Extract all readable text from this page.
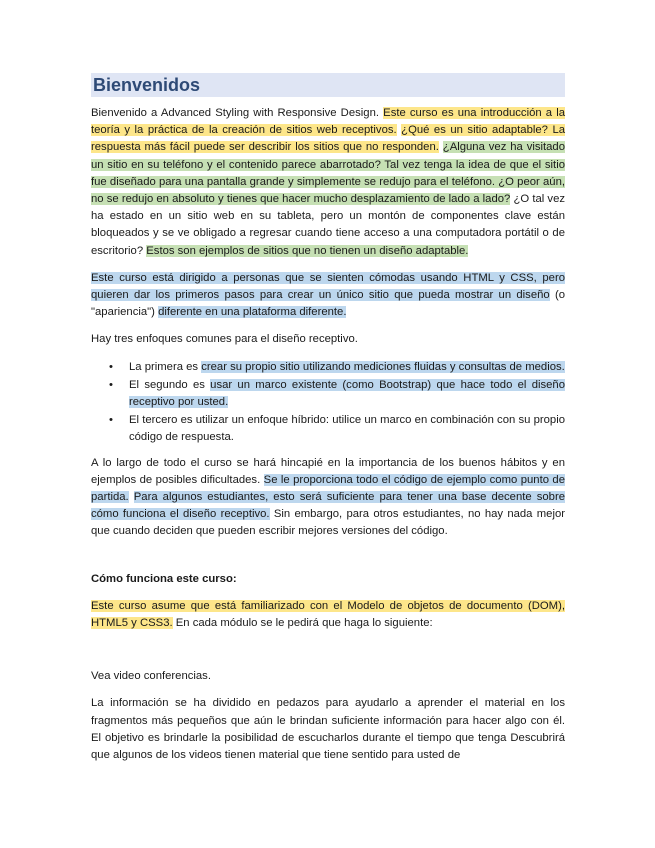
Bienvenidos

Bienvenido a Advanced Styling with Responsive Design. Este curso es una introducción a la teoría y la práctica de la creación de sitios web receptivos. ¿Qué es un sitio adaptable? La respuesta más fácil puede ser describir los sitios que no responden. ¿Alguna vez ha visitado un sitio en su teléfono y el contenido parece abarrotado? Tal vez tenga la idea de que el sitio fue diseñado para una pantalla grande y simplemente se redujo para el teléfono. ¿O peor aún, no se redujo en absoluto y tienes que hacer mucho desplazamiento de lado a lado? ¿O tal vez ha estado en un sitio web en su tableta, pero un montón de componentes clave están bloqueados y se ve obligado a regresar cuando tiene acceso a una computadora portátil o de escritorio? Estos son ejemplos de sitios que no tienen un diseño adaptable.

Este curso está dirigido a personas que se sienten cómodas usando HTML y CSS, pero quieren dar los primeros pasos para crear un único sitio que pueda mostrar un diseño (o "apariencia") diferente en una plataforma diferente.

Hay tres enfoques comunes para el diseño receptivo.

• La primera es crear su propio sitio utilizando mediciones fluidas y consultas de medios.
• El segundo es usar un marco existente (como Bootstrap) que hace todo el diseño receptivo por usted.
• El tercero es utilizar un enfoque híbrido: utilice un marco en combinación con su propio código de respuesta.

A lo largo de todo el curso se hará hincapié en la importancia de los buenos hábitos y en ejemplos de posibles dificultades. Se le proporciona todo el código de ejemplo como punto de partida. Para algunos estudiantes, esto será suficiente para tener una base decente sobre cómo funciona el diseño receptivo. Sin embargo, para otros estudiantes, no hay nada mejor que cuando deciden que pueden escribir mejores versiones del código.

Cómo funciona este curso:

Este curso asume que está familiarizado con el Modelo de objetos de documento (DOM), HTML5 y CSS3. En cada módulo se le pedirá que haga lo siguiente:

Vea video conferencias.

La información se ha dividido en pedazos para ayudarlo a aprender el material en los fragmentos más pequeños que aún le brindan suficiente información para hacer algo con él. El objetivo es brindarle la posibilidad de escucharlos durante el tiempo que tenga Descubrirá que algunos de los videos tienen material que tiene sentido para usted de
